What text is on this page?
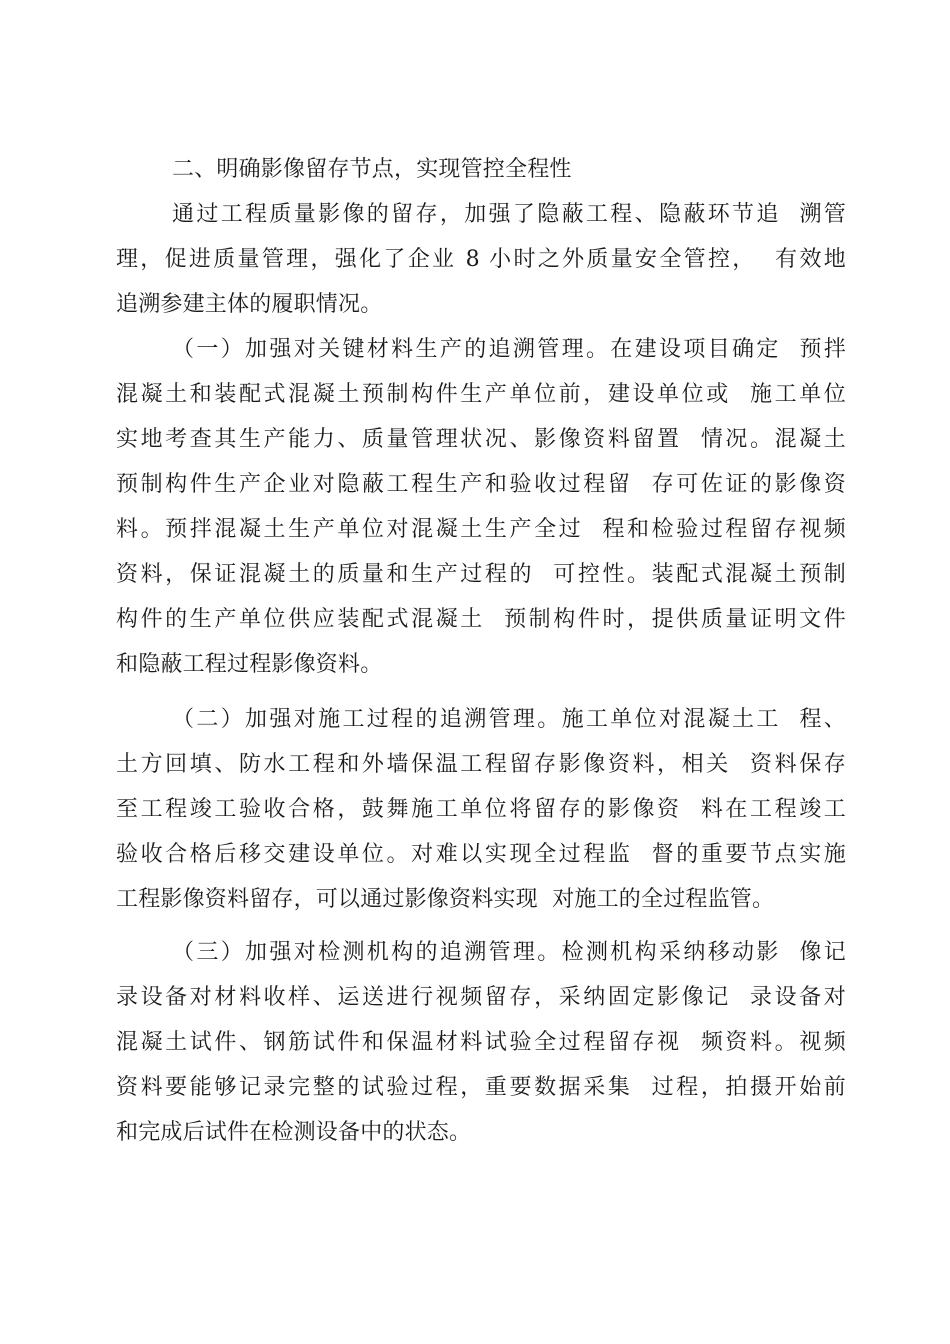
二、明确影像留存节点，实现管控全程性
通过工程质量影像的留存，加强了隐蔽工程、隐蔽环节追  溯管
理，促进质量管理，强化了企业 8 小时之外质量安全管控，  有效地
追溯参建主体的履职情况。
（一）加强对关键材料生产的追溯管理。在建设项目确定  预拌
混凝土和装配式混凝土预制构件生产单位前，建设单位或  施工单位
实地考查其生产能力、质量管理状况、影像资料留置  情况。混凝土
预制构件生产企业对隐蔽工程生产和验收过程留  存可佐证的影像资
料。预拌混凝土生产单位对混凝土生产全过  程和检验过程留存视频
资料，保证混凝土的质量和生产过程的  可控性。装配式混凝土预制
构件的生产单位供应装配式混凝土  预制构件时，提供质量证明文件
和隐蔽工程过程影像资料。
（二）加强对施工过程的追溯管理。施工单位对混凝土工  程、
土方回填、防水工程和外墙保温工程留存影像资料，相关  资料保存
至工程竣工验收合格，鼓舞施工单位将留存的影像资  料在工程竣工
验收合格后移交建设单位。对难以实现全过程监  督的重要节点实施
工程影像资料留存，可以通过影像资料实现  对施工的全过程监管。
（三）加强对检测机构的追溯管理。检测机构采纳移动影  像记
录设备对材料收样、运送进行视频留存，采纳固定影像记  录设备对
混凝土试件、钢筋试件和保温材料试验全过程留存视  频资料。视频
资料要能够记录完整的试验过程，重要数据采集  过程，拍摄开始前
和完成后试件在检测设备中的状态。
